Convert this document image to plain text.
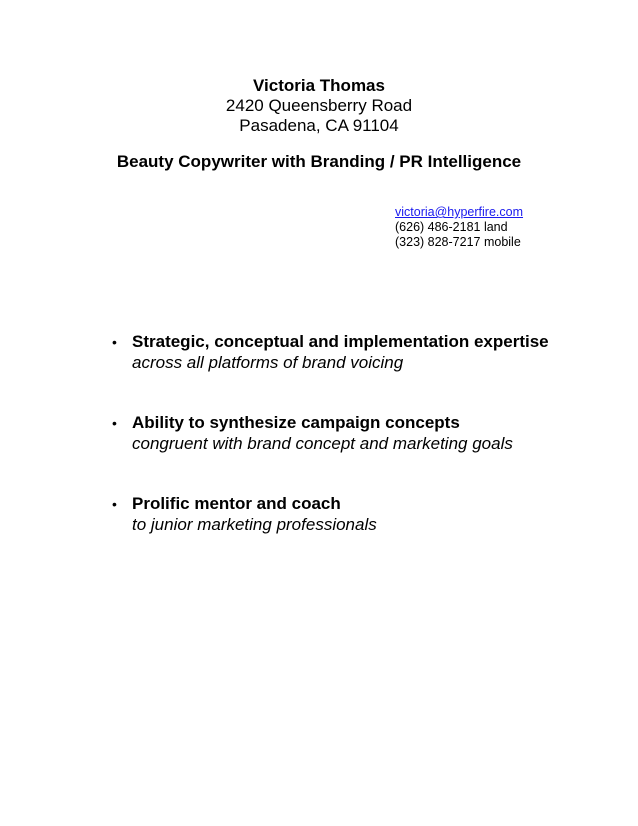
Victoria Thomas
2420 Queensberry Road
Pasadena, CA 91104
Beauty Copywriter with Branding / PR Intelligence
victoria@hyperfire.com
(626) 486-2181 land
(323) 828-7217 mobile
• Strategic, conceptual and implementation expertise
across all platforms of brand voicing
• Ability to synthesize campaign concepts
congruent with brand concept and marketing goals
• Prolific mentor and coach
to junior marketing professionals
